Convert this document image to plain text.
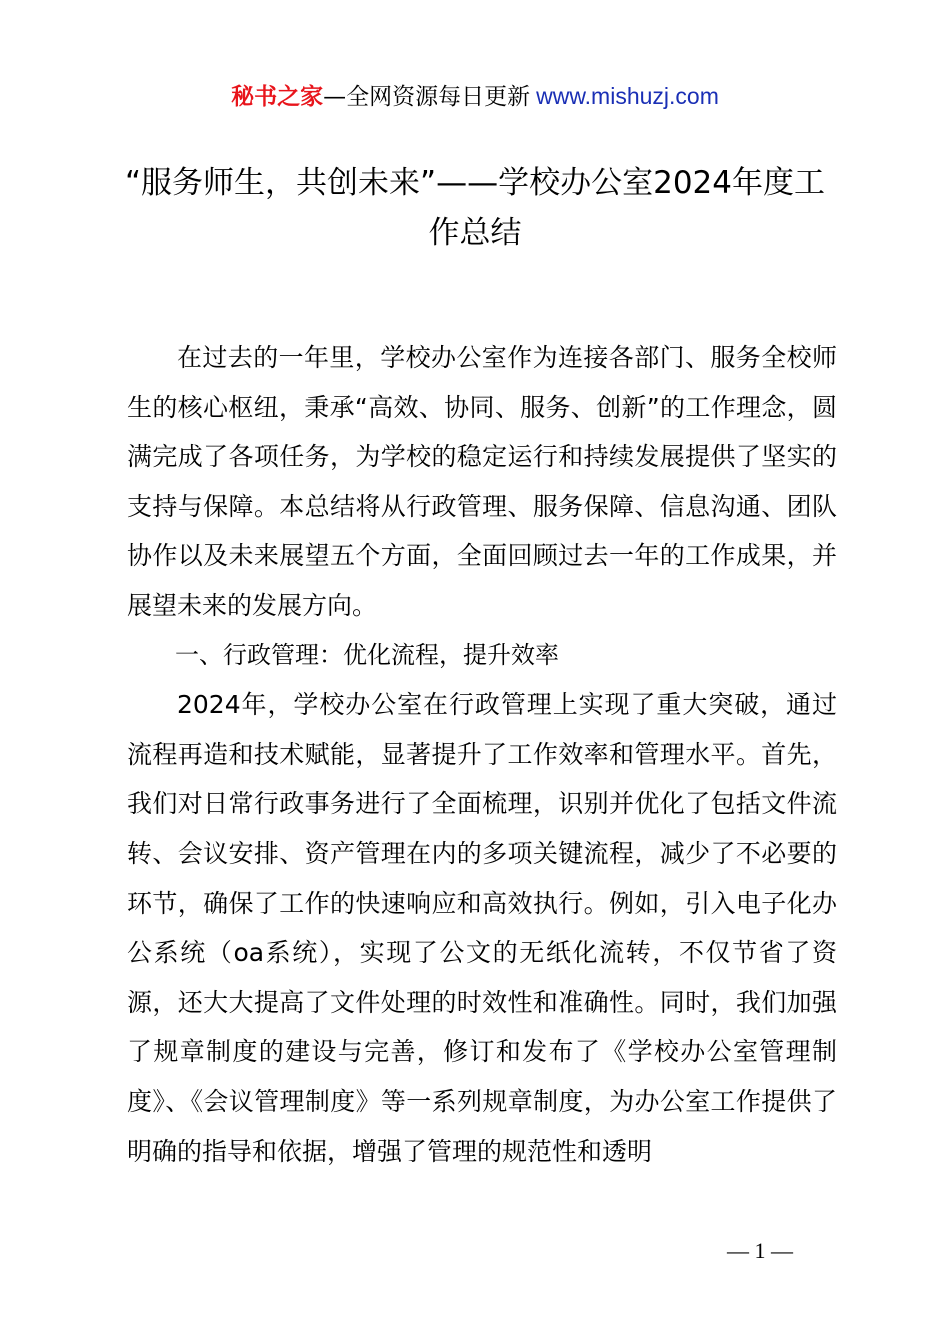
秘书之家—全网资源每日更新 www.mishuzj.com
“服务师生，共创未来”——学校办公室2024年度工作总结

在过去的一年里，学校办公室作为连接各部门、服务全校师生的核心枢纽，秉承“高效、协同、服务、创新”的工作理念，圆满完成了各项任务，为学校的稳定运行和持续发展提供了坚实的支持与保障。本总结将从行政管理、服务保障、信息沟通、团队协作以及未来展望五个方面，全面回顾过去一年的工作成果，并展望未来的发展方向。

一、行政管理：优化流程，提升效率

2024年，学校办公室在行政管理上实现了重大突破，通过流程再造和技术赋能，显著提升了工作效率和管理水平。首先，我们对日常行政事务进行了全面梳理，识别并优化了包括文件流转、会议安排、资产管理在内的多项关键流程，减少了不必要的环节，确保了工作的快速响应和高效执行。例如，引入电子化办公系统（oa系统），实现了公文的无纸化流转，不仅节省了资源，还大大提高了文件处理的时效性和准确性。同时，我们加强了规章制度的建设与完善，修订和发布了《学校办公室管理制度》、《会议管理制度》等一系列规章制度，为办公室工作提供了明确的指导和依据，增强了管理的规范性和透明

— 1 —
